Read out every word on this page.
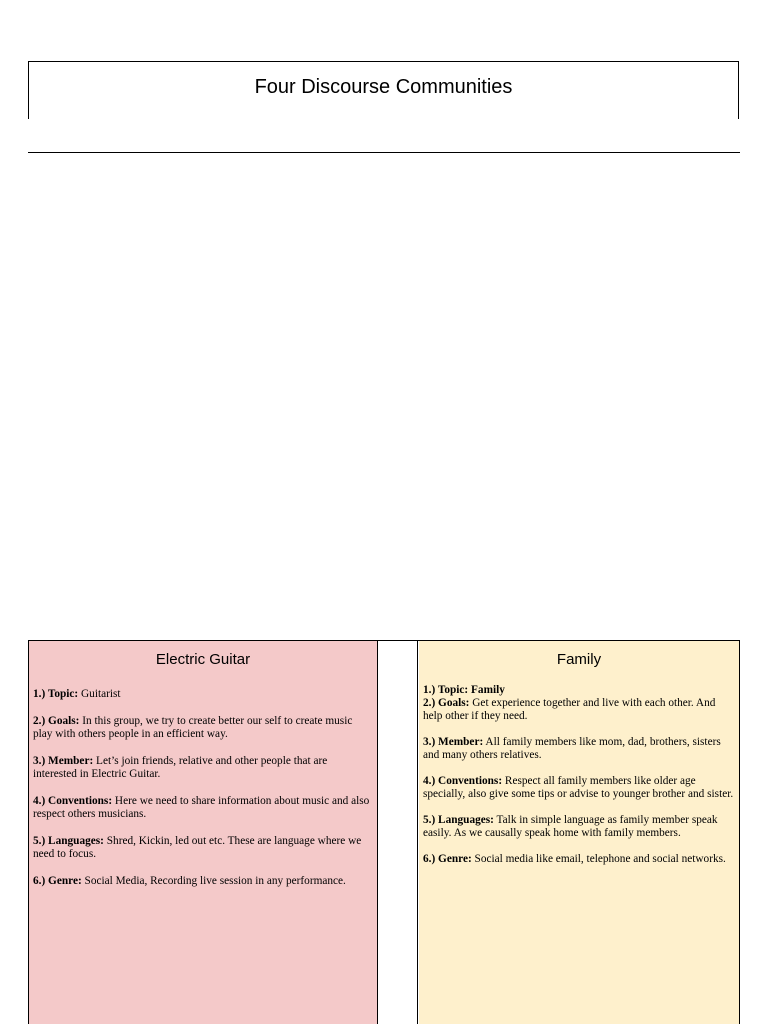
Four Discourse Communities
Electric Guitar

1.) Topic: Guitarist

2.) Goals: In this group, we try to create better our self to create music play with others people in an efficient way.

3.) Member: Let’s join friends, relative and other people that are interested in Electric Guitar.

4.) Conventions: Here we need to share information about music and also respect others musicians.

5.) Languages: Shred, Kickin, led out etc. These are language where we need to focus.

6.) Genre: Social Media, Recording live session in any performance.

Family

1.) Topic: Family
2.) Goals: Get experience together and live with each other. And help other if they need.

3.) Member: All family members like mom, dad, brothers, sisters and many others relatives.

4.) Conventions: Respect all family members like older age specially, also give some tips or advise to younger brother and sister.

5.) Languages: Talk in simple language as family member speak easily. As we causally speak home with family members.

6.) Genre: Social media like email, telephone and social networks.
